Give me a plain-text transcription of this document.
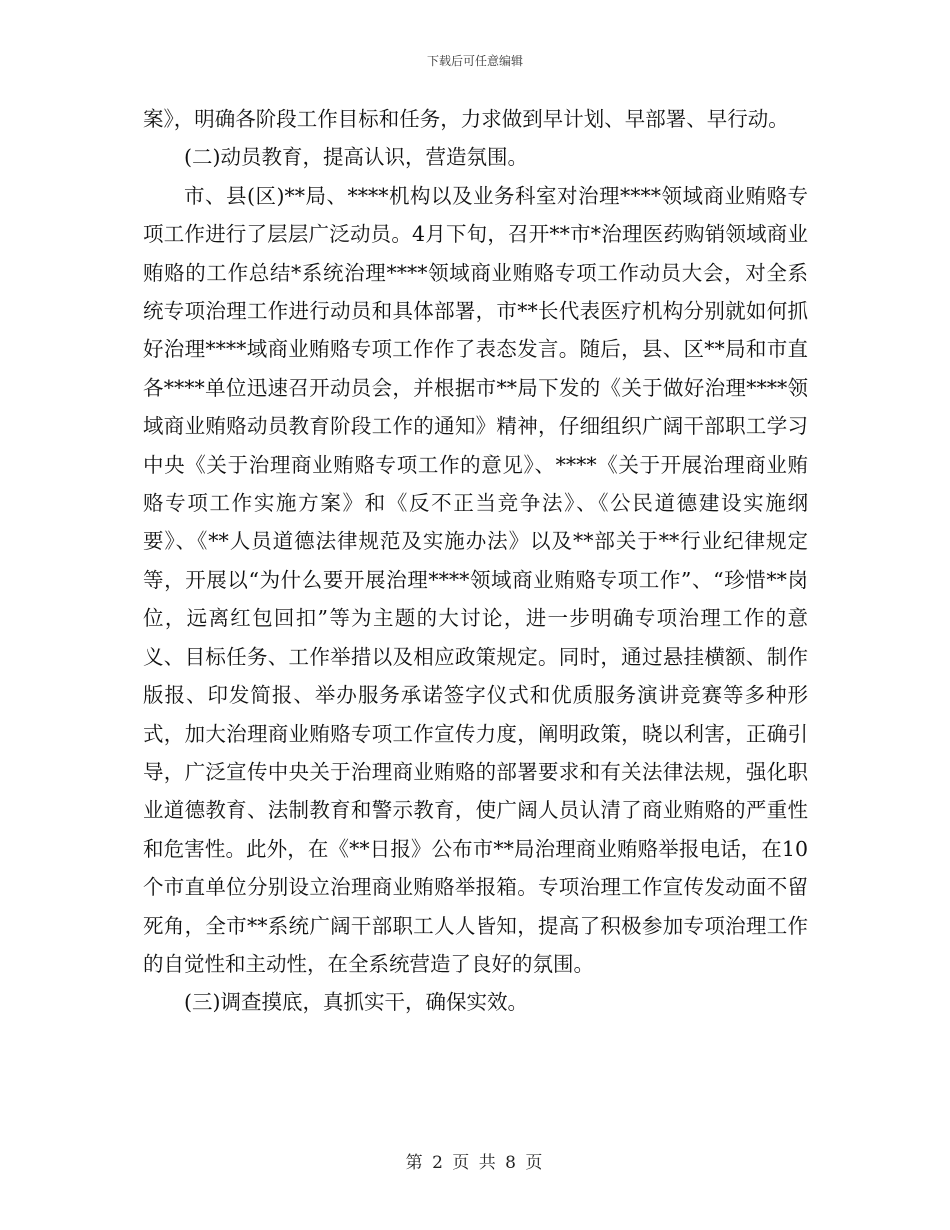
下载后可任意编辑

案》，明确各阶段工作目标和任务，力求做到早计划、早部署、早行动。

(二)动员教育，提高认识，营造氛围。

市、县(区)**局、****机构以及业务科室对治理****领域商业贿赂专项工作进行了层层广泛动员。4月下旬，召开**市*治理医药购销领域商业贿赂的工作总结*系统治理****领域商业贿赂专项工作动员大会，对全系统专项治理工作进行动员和具体部署，市**长代表医疗机构分别就如何抓好治理****域商业贿赂专项工作作了表态发言。随后，县、区**局和市直各****单位迅速召开动员会，并根据市**局下发的《关于做好治理****领域商业贿赂动员教育阶段工作的通知》精神，仔细组织广阔干部职工学习中央《关于治理商业贿赂专项工作的意见》、****《关于开展治理商业贿赂专项工作实施方案》和《反不正当竞争法》、《公民道德建设实施纲要》、《**人员道德法律规范及实施办法》以及**部关于**行业纪律规定等，开展以“为什么要开展治理****领域商业贿赂专项工作”、“珍惜**岗位，远离红包回扣”等为主题的大讨论，进一步明确专项治理工作的意义、目标任务、工作举措以及相应政策规定。同时，通过悬挂横额、制作版报、印发简报、举办服务承诺签字仪式和优质服务演讲竞赛等多种形式，加大治理商业贿赂专项工作宣传力度，阐明政策，晓以利害，正确引导，广泛宣传中央关于治理商业贿赂的部署要求和有关法律法规，强化职业道德教育、法制教育和警示教育，使广阔人员认清了商业贿赂的严重性和危害性。此外，在《**日报》公布市**局治理商业贿赂举报电话，在10个市直单位分别设立治理商业贿赂举报箱。专项治理工作宣传发动面不留死角，全市**系统广阔干部职工人人皆知，提高了积极参加专项治理工作的自觉性和主动性，在全系统营造了良好的氛围。

(三)调查摸底，真抓实干，确保实效。

第 2 页 共 8 页
